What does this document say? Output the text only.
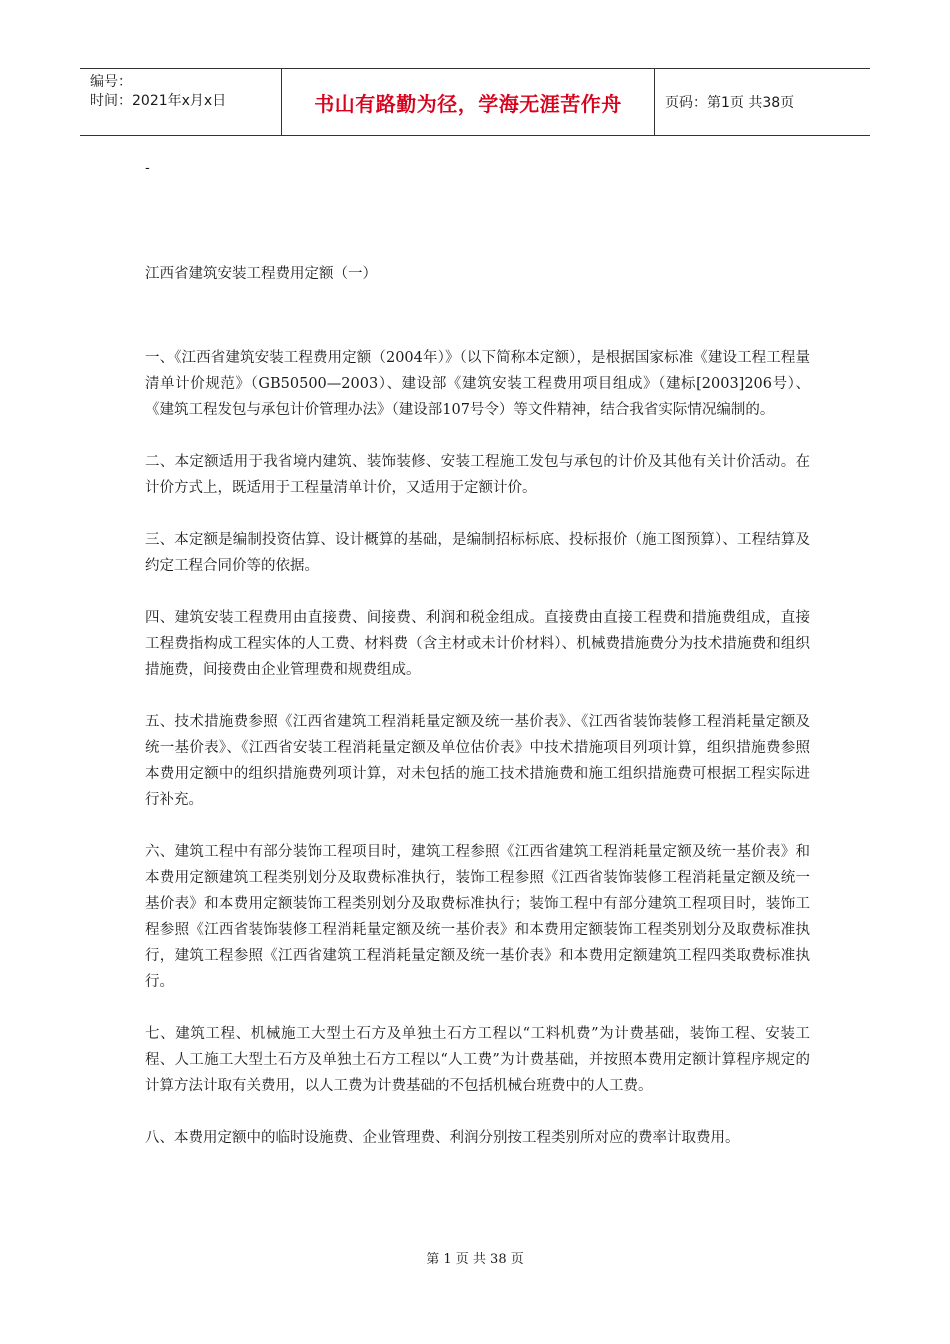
编号：
时间：2021年x月x日	书山有路勤为径，学海无涯苦作舟	页码：第1页 共38页
-
江西省建筑安装工程费用定额（一）

一、《江西省建筑安装工程费用定额（2004年）》（以下简称本定额），是根据国家标准《建设工程工程量清单计价规范》（GB50500—2003）、建设部《建筑安装工程费用项目组成》（建标[2003]206号）、《建筑工程发包与承包计价管理办法》（建设部107号令）等文件精神，结合我省实际情况编制的。

二、本定额适用于我省境内建筑、装饰装修、安装工程施工发包与承包的计价及其他有关计价活动。在计价方式上，既适用于工程量清单计价，又适用于定额计价。

三、本定额是编制投资估算、设计概算的基础，是编制招标标底、投标报价（施工图预算）、工程结算及约定工程合同价等的依据。

四、建筑安装工程费用由直接费、间接费、利润和税金组成。直接费由直接工程费和措施费组成，直接工程费指构成工程实体的人工费、材料费（含主材或未计价材料）、机械费措施费分为技术措施费和组织措施费，间接费由企业管理费和规费组成。

五、技术措施费参照《江西省建筑工程消耗量定额及统一基价表》、《江西省装饰装修工程消耗量定额及统一基价表》、《江西省安装工程消耗量定额及单位估价表》中技术措施项目列项计算，组织措施费参照本费用定额中的组织措施费列项计算，对未包括的施工技术措施费和施工组织措施费可根据工程实际进行补充。

六、建筑工程中有部分装饰工程项目时，建筑工程参照《江西省建筑工程消耗量定额及统一基价表》和本费用定额建筑工程类别划分及取费标准执行，装饰工程参照《江西省装饰装修工程消耗量定额及统一基价表》和本费用定额装饰工程类别划分及取费标准执行；装饰工程中有部分建筑工程项目时，装饰工程参照《江西省装饰装修工程消耗量定额及统一基价表》和本费用定额装饰工程类别划分及取费标准执行，建筑工程参照《江西省建筑工程消耗量定额及统一基价表》和本费用定额建筑工程四类取费标准执行。

七、建筑工程、机械施工大型土石方及单独土石方工程以“工料机费”为计费基础，装饰工程、安装工程、人工施工大型土石方及单独土石方工程以“人工费”为计费基础，并按照本费用定额计算程序规定的计算方法计取有关费用，以人工费为计费基础的不包括机械台班费中的人工费。

八、本费用定额中的临时设施费、企业管理费、利润分别按工程类别所对应的费率计取费用。

第 1 页 共 38 页
